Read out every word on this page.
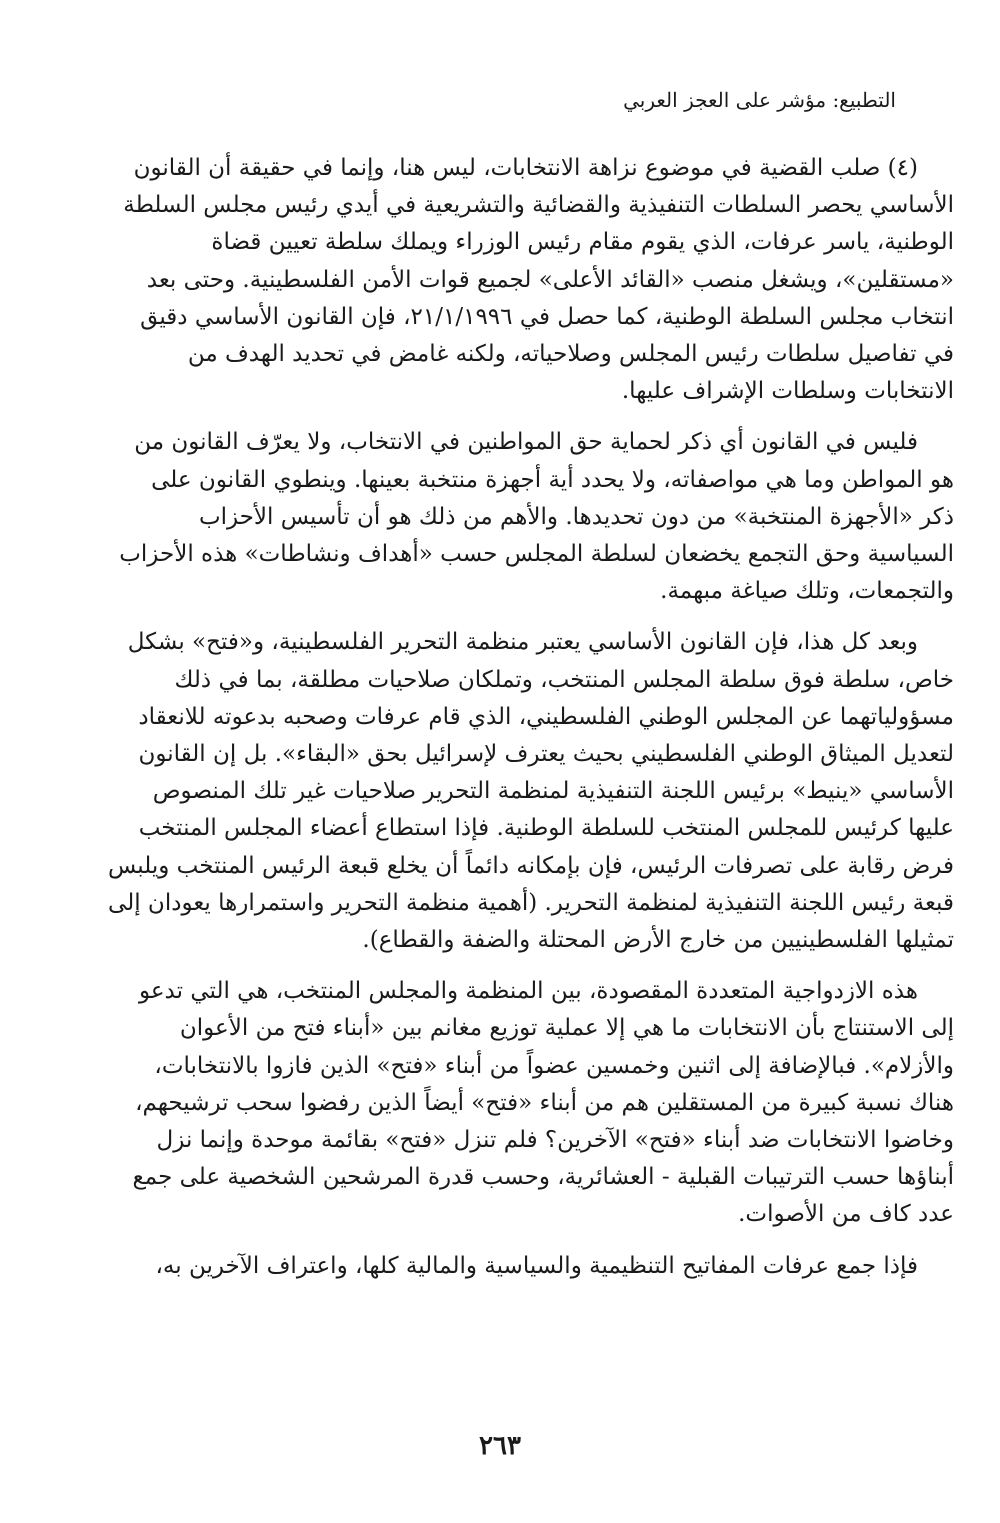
التطبيع: مؤشر على العجز العربي
(٤) صلب القضية في موضوع نزاهة الانتخابات، ليس هنا، وإنما في حقيقة أن القانون
الأساسي يحصر السلطات التنفيذية والقضائية والتشريعية في أيدي رئيس مجلس السلطة
الوطنية، ياسر عرفات، الذي يقوم مقام رئيس الوزراء ويملك سلطة تعيين قضاة
«مستقلين»، ويشغل منصب «القائد الأعلى» لجميع قوات الأمن الفلسطينية. وحتى بعد
انتخاب مجلس السلطة الوطنية، كما حصل في ٢١/١/١٩٩٦، فإن القانون الأساسي دقيق
في تفاصيل سلطات رئيس المجلس وصلاحياته، ولكنه غامض في تحديد الهدف من
الانتخابات وسلطات الإشراف عليها.
فليس في القانون أي ذكر لحماية حق المواطنين في الانتخاب، ولا يعرّف القانون من
هو المواطن وما هي مواصفاته، ولا يحدد أية أجهزة منتخبة بعينها. وينطوي القانون على
ذكر «الأجهزة المنتخبة» من دون تحديدها. والأهم من ذلك هو أن تأسيس الأحزاب
السياسية وحق التجمع يخضعان لسلطة المجلس حسب «أهداف ونشاطات» هذه الأحزاب
والتجمعات، وتلك صياغة مبهمة.
وبعد كل هذا، فإن القانون الأساسي يعتبر منظمة التحرير الفلسطينية، و«فتح» بشكل
خاص، سلطة فوق سلطة المجلس المنتخب، وتملكان صلاحيات مطلقة، بما في ذلك
مسؤولياتهما عن المجلس الوطني الفلسطيني، الذي قام عرفات وصحبه بدعوته للانعقاد
لتعديل الميثاق الوطني الفلسطيني بحيث يعترف لإسرائيل بحق «البقاء». بل إن القانون
الأساسي «ينيط» برئيس اللجنة التنفيذية لمنظمة التحرير صلاحيات غير تلك المنصوص
عليها كرئيس للمجلس المنتخب للسلطة الوطنية. فإذا استطاع أعضاء المجلس المنتخب
فرض رقابة على تصرفات الرئيس، فإن بإمكانه دائماً أن يخلع قبعة الرئيس المنتخب ويلبس
قبعة رئيس اللجنة التنفيذية لمنظمة التحرير. (أهمية منظمة التحرير واستمرارها يعودان إلى
تمثيلها الفلسطينيين من خارج الأرض المحتلة والضفة والقطاع).
هذه الازدواجية المتعددة المقصودة، بين المنظمة والمجلس المنتخب، هي التي تدعو
إلى الاستنتاج بأن الانتخابات ما هي إلا عملية توزيع مغانم بين «أبناء فتح من الأعوان
والأزلام». فبالإضافة إلى اثنين وخمسين عضواً من أبناء «فتح» الذين فازوا بالانتخابات،
هناك نسبة كبيرة من المستقلين هم من أبناء «فتح» أيضاً الذين رفضوا سحب ترشيحهم،
وخاضوا الانتخابات ضد أبناء «فتح» الآخرين؟ فلم تنزل «فتح» بقائمة موحدة وإنما نزل
أبناؤها حسب الترتيبات القبلية - العشائرية، وحسب قدرة المرشحين الشخصية على جمع
عدد كاف من الأصوات.
فإذا جمع عرفات المفاتيح التنظيمية والسياسية والمالية كلها، واعتراف الآخرين به،
٢٦٣
